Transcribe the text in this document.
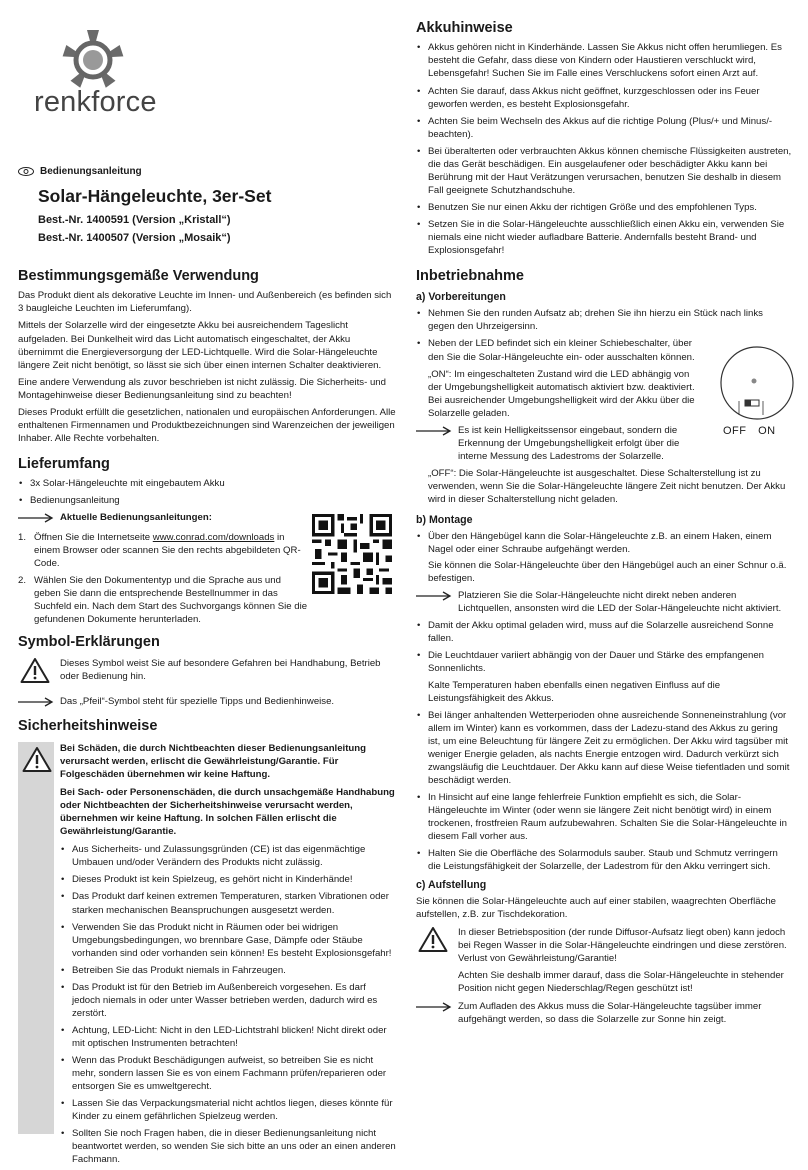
renkforce
Bedienungsanleitung
Solar-Hängeleuchte, 3er-Set
Best.-Nr. 1400591 (Version „Kristall“)
Best.-Nr. 1400507 (Version „Mosaik“)
Bestimmungsgemäße Verwendung

Das Produkt dient als dekorative Leuchte im Innen- und Außenbereich (es befinden sich 3 baugleiche Leuchten im Lieferumfang).

Mittels der Solarzelle wird der eingesetzte Akku bei ausreichendem Tageslicht aufgeladen. Bei Dunkelheit wird das Licht automatisch eingeschaltet, der Akku übernimmt die Energieversorgung der LED-Lichtquelle. Wird die Solar-Hängeleuchte längere Zeit nicht benötigt, so lässt sie sich über einen internen Schalter deaktivieren.

Eine andere Verwendung als zuvor beschrieben ist nicht zulässig. Die Sicherheits- und Montagehinweise dieser Bedienungsanleitung sind zu beachten!

Dieses Produkt erfüllt die gesetzlichen, nationalen und europäischen Anforderungen. Alle enthaltenen Firmennamen und Produktbezeichnungen sind Warenzeichen der jeweiligen Inhaber. Alle Rechte vorbehalten.

Lieferumfang
• 3x Solar-Hängeleuchte mit eingebautem Akku
• Bedienungsanleitung

Aktuelle Bedienungsanleitungen:

1. Öffnen Sie die Internetseite www.conrad.com/downloads in einem Browser oder scannen Sie den rechts abgebildeten QR-Code.
2. Wählen Sie den Dokumententyp und die Sprache aus und geben Sie dann die entsprechende Bestellnummer in das Suchfeld ein. Nach dem Start des Suchvorgangs können Sie die gefundenen Dokumente herunterladen.
Symbol-Erklärungen

Dieses Symbol weist Sie auf besondere Gefahren bei Handhabung, Betrieb oder Bedienung hin.

Das „Pfeil“-Symbol steht für spezielle Tipps und Bedienhinweise.

Sicherheitshinweise

Bei Schäden, die durch Nichtbeachten dieser Bedienungsanleitung verursacht werden, erlischt die Gewährleistung/Garantie. Für Folgeschäden übernehmen wir keine Haftung.

Bei Sach- oder Personenschäden, die durch unsachgemäße Handhabung oder Nichtbeachten der Sicherheitshinweise verursacht werden, übernehmen wir keine Haftung. In solchen Fällen erlischt die Gewährleistung/Garantie.

• Aus Sicherheits- und Zulassungsgründen (CE) ist das eigenmächtige Umbauen und/oder Verändern des Produkts nicht zulässig.
• Dieses Produkt ist kein Spielzeug, es gehört nicht in Kinderhände!
• Das Produkt darf keinen extremen Temperaturen, starken Vibrationen oder starken mechanischen Beanspruchungen ausgesetzt werden.
• Verwenden Sie das Produkt nicht in Räumen oder bei widrigen Umgebungsbedingungen, wo brennbare Gase, Dämpfe oder Stäube vorhanden sind oder vorhanden sein können! Es besteht Explosionsgefahr!
• Betreiben Sie das Produkt niemals in Fahrzeugen.
• Das Produkt ist für den Betrieb im Außenbereich vorgesehen. Es darf jedoch niemals in oder unter Wasser betrieben werden, dadurch wird es zerstört.
• Achtung, LED-Licht: Nicht in den LED-Lichtstrahl blicken! Nicht direkt oder mit optischen Instrumenten betrachten!
• Wenn das Produkt Beschädigungen aufweist, so betreiben Sie es nicht mehr, sondern lassen Sie es von einem Fachmann prüfen/reparieren oder entsorgen Sie es umweltgerecht.
• Lassen Sie das Verpackungsmaterial nicht achtlos liegen, dieses könnte für Kinder zu einem gefährlichen Spielzeug werden.
• Sollten Sie noch Fragen haben, die in dieser Bedienungsanleitung nicht beantwortet werden, so wenden Sie sich bitte an uns oder an einen anderen Fachmann.
Akkuhinweise
• Akkus gehören nicht in Kinderhände. Lassen Sie Akkus nicht offen herumliegen. Es besteht die Gefahr, dass diese von Kindern oder Haustieren verschluckt wird, Lebensgefahr! Suchen Sie im Falle eines Verschluckens sofort einen Arzt auf.
• Achten Sie darauf, dass Akkus nicht geöffnet, kurzgeschlossen oder ins Feuer geworfen werden, es besteht Explosionsgefahr.
• Achten Sie beim Wechseln des Akkus auf die richtige Polung (Plus/+ und Minus/-beachten).
• Bei überalterten oder verbrauchten Akkus können chemische Flüssigkeiten austreten, die das Gerät beschädigen. Ein ausgelaufener oder beschädigter Akku kann bei Berührung mit der Haut Verätzungen verursachen, benutzen Sie deshalb in diesem Fall geeignete Schutzhandschuhe.
• Benutzen Sie nur einen Akku der richtigen Größe und des empfohlenen Typs.
• Setzen Sie in die Solar-Hängeleuchte ausschließlich einen Akku ein, verwenden Sie niemals eine nicht wieder aufladbare Batterie. Andernfalls besteht Brand- und Explosionsgefahr!
Inbetriebnahme
a) Vorbereitungen
• Nehmen Sie den runden Aufsatz ab; drehen Sie ihn hierzu ein Stück nach links gegen den Uhrzeigersinn.
• Neben der LED befindet sich ein kleiner Schiebeschalter, über den Sie die Solar-Hängeleuchte ein- oder ausschalten können.

„ON“: Im eingeschalteten Zustand wird die LED abhängig von der Umgebungshelligkeit automatisch aktiviert bzw. deaktiviert. Bei ausreichender Umgebungshelligkeit wird der Akku über die Solarzelle geladen.

Es ist kein Helligkeitssensor eingebaut, sondern die Erkennung der Umgebungshelligkeit erfolgt über die interne Messung des Ladestroms der Solarzelle.

„OFF“: Die Solar-Hängeleuchte ist ausgeschaltet. Diese Schalterstellung ist zu verwenden, wenn Sie die Solar-Hängeleuchte längere Zeit nicht benutzen. Der Akku wird in dieser Schalterstellung nicht geladen.

b) Montage
• Über den Hängebügel kann die Solar-Hängeleuchte z.B. an einem Haken, einem Nagel oder einer Schraube aufgehängt werden.
Sie können die Solar-Hängeleuchte über den Hängebügel auch an einer Schnur o.ä. befestigen.

Platzieren Sie die Solar-Hängeleuchte nicht direkt neben anderen Lichtquellen, ansonsten wird die LED der Solar-Hängeleuchte nicht aktiviert.

• Damit der Akku optimal geladen wird, muss auf die Solarzelle ausreichend Sonne fallen.
• Die Leuchtdauer variiert abhängig von der Dauer und Stärke des empfangenen Sonnenlichts.
Kalte Temperaturen haben ebenfalls einen negativen Einfluss auf die Leistungsfähigkeit des Akkus.
• Bei länger anhaltenden Wetterperioden ohne ausreichende Sonneneinstrahlung (vor allem im Winter) kann es vorkommen, dass der Ladezu-stand des Akkus zu gering ist, um eine Beleuchtung für längere Zeit zu ermöglichen. Der Akku wird tagsüber mit weniger Energie geladen, als nachts Energie entzogen wird. Dadurch verkürzt sich zwangsläufig die Leuchtdauer. Der Akku kann auf diese Weise tiefentladen und somit beschädigt werden.
• In Hinsicht auf eine lange fehlerfreie Funktion empfiehlt es sich, die Solar-Hängeleuchte im Winter (oder wenn sie längere Zeit nicht benötigt wird) in einem trockenen, frostfreien Raum aufzubewahren. Schalten Sie die Solar-Hängeleuchte in diesem Fall vorher aus.
• Halten Sie die Oberfläche des Solarmoduls sauber. Staub und Schmutz verringern die Leistungsfähigkeit der Solarzelle, der Ladestrom für den Akku verringert sich.
c) Aufstellung

Sie können die Solar-Hängeleuchte auch auf einer stabilen, waagrechten Oberfläche aufstellen, z.B. zur Tischdekoration.

In dieser Betriebsposition (der runde Diffusor-Aufsatz liegt oben) kann jedoch bei Regen Wasser in die Solar-Hängeleuchte eindringen und diese zerstören. Verlust von Gewährleistung/Garantie!

Achten Sie deshalb immer darauf, dass die Solar-Hängeleuchte in stehender Position nicht gegen Niederschlag/Regen geschützt ist!

Zum Aufladen des Akkus muss die Solar-Hängeleuchte tagsüber immer aufgehängt werden, so dass die Solarzelle zur Sonne hin zeigt.

OFF ON
